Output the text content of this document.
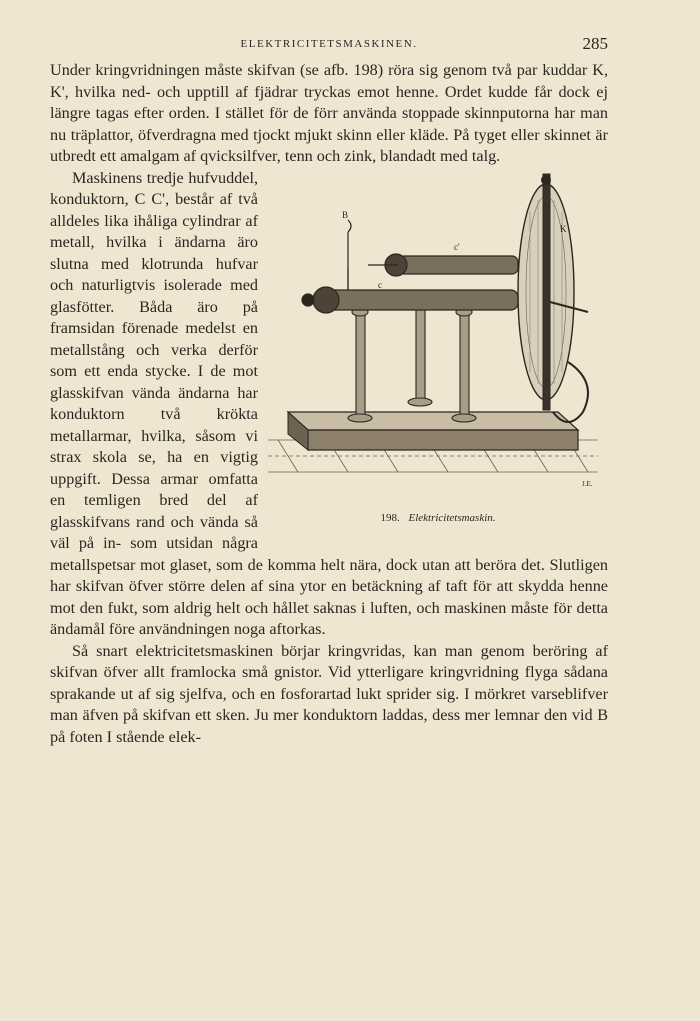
ELEKTRICITETSMASKINEN.	285

Under kringvridningen måste skifvan (se afb. 198) röra sig genom två par kuddar K, K', hvilka ned- och upptill af fjädrar tryckas emot henne. Ordet kudde får dock ej längre tagas efter orden. I stället för de förr använda stoppade skinnputorna har man nu träplattor, öfverdragna med tjockt mjukt skinn eller kläde. På tyget eller skinnet är utbredt ett amalgam af qvicksilfver, tenn och zink, blandadt med talg.

B
c'
c
K
J.E.
198. Elektricitetsmaskin.

Maskinens tredje hufvuddel, konduktorn, C C', består af två alldeles lika ihåliga cylindrar af metall, hvilka i ändarna äro slutna med klotrunda hufvar och naturligtvis isolerade med glasfötter. Båda äro på framsidan förenade medelst en metallstång och verka derför som ett enda stycke. I de mot glasskifvan vända ändarna har konduktorn två krökta metallarmar, hvilka, såsom vi strax skola se, ha en vigtig uppgift. Dessa armar omfatta en temligen bred del af glasskifvans rand och vända så väl på in- som utsidan några metallspetsar mot glaset, som de komma helt nära, dock utan att beröra det. Slutligen har skifvan öfver större delen af sina ytor en betäckning af taft för att skydda henne mot den fukt, som aldrig helt och hållet saknas i luften, och maskinen måste för detta ändamål före användningen noga aftorkas.

Så snart elektricitetsmaskinen börjar kringvridas, kan man genom beröring af skifvan öfver allt framlocka små gnistor. Vid ytterligare kringvridning flyga sådana sprakande ut af sig sjelfva, och en fosforartad lukt sprider sig. I mörkret varseblifver man äfven på skifvan ett sken. Ju mer konduktorn laddas, dess mer lemnar den vid B på foten I stående elek-
